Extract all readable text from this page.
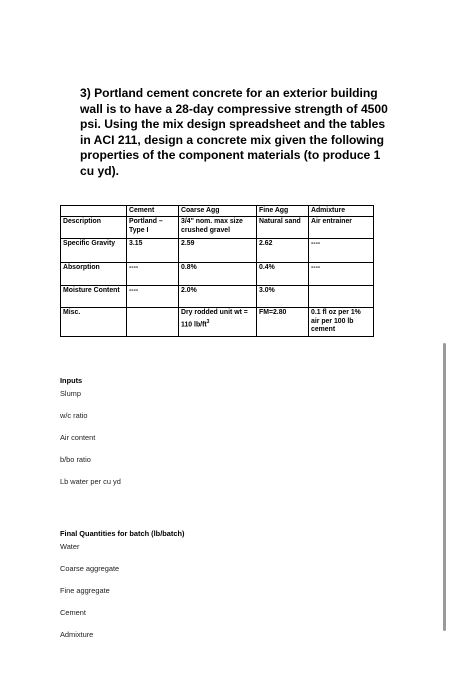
3) Portland cement concrete for an exterior building wall is to have a 28-day compressive strength of 4500 psi. Using the mix design spreadsheet and the tables in ACI 211, design a concrete mix given the following properties of the component materials (to produce 1 cu yd).

	Cement	Coarse Agg	Fine Agg	Admixture
Description	Portland – Type I	3/4" nom. max size crushed gravel	Natural sand	Air entrainer
Specific Gravity	3.15	2.59	2.62	----
Absorption	----	0.8%	0.4%	----
Moisture Content	----	2.0%	3.0%	
Misc.		Dry rodded unit wt = 110 $lb/ft^3$	FM=2.80	0.1 fl oz per 1% air per 100 lb cement
Inputs
Slump
w/c ratio
Air content
b/bo ratio
Lb water per cu yd
Final Quantities for batch (lb/batch)
Water
Coarse aggregate
Fine aggregate
Cement
Admixture
